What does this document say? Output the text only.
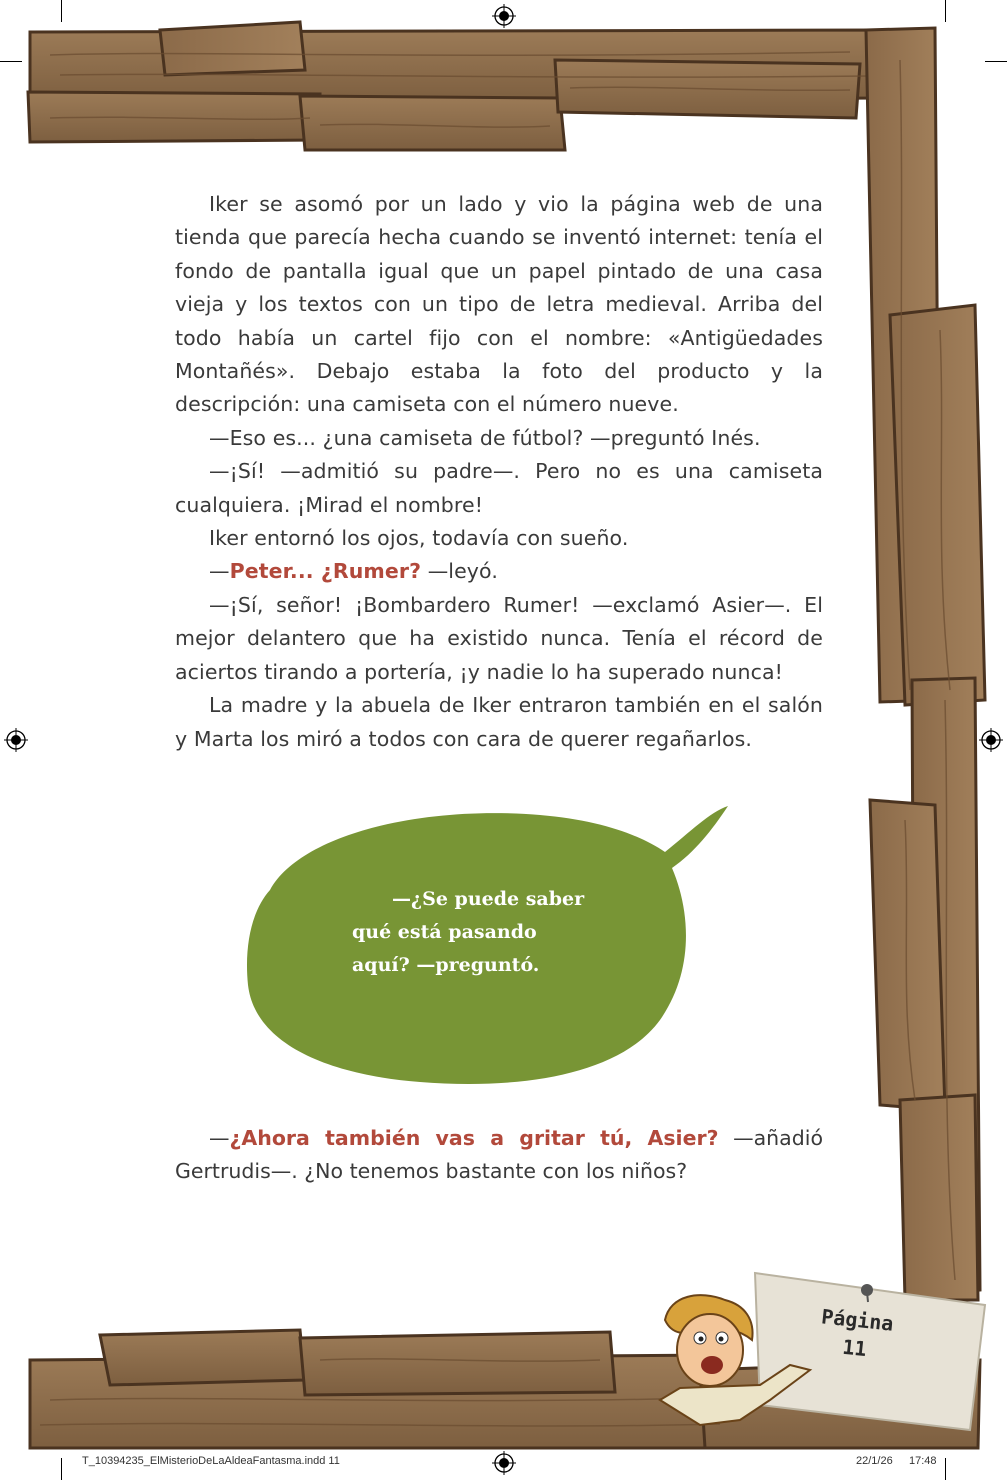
Iker se asomó por un lado y vio la página web de una tienda que parecía hecha cuando se inventó internet: tenía el fondo de pantalla igual que un papel pintado de una casa vieja y los textos con un tipo de letra medieval. Arriba del todo había un cartel fijo con el nombre: «Antigüedades Montañés». Debajo estaba la foto del producto y la descripción: una camiseta con el número nueve.

—Eso es... ¿una camiseta de fútbol? —preguntó Inés.

—¡Sí! —admitió su padre—. Pero no es una camiseta cualquiera. ¡Mirad el nombre!

Iker entornó los ojos, todavía con sueño.

—Peter... ¿Rumer? —leyó.

—¡Sí, señor! ¡Bombardero Rumer! —exclamó Asier—. El mejor delantero que ha existido nunca. Tenía el récord de aciertos tirando a portería, ¡y nadie lo ha superado nunca!

La madre y la abuela de Iker entraron también en el salón y Marta los miró a todos con cara de querer regañarlos.

—¿Se puede saber
qué está pasando
aquí? —preguntó.

—¿Ahora también vas a gritar tú, Asier? —añadió Gertrudis—. ¿No tenemos bastante con los niños?

Página
11
T_10394235_ElMisterioDeLaAldeaFantasma.indd 11	22/1/26 17:48
